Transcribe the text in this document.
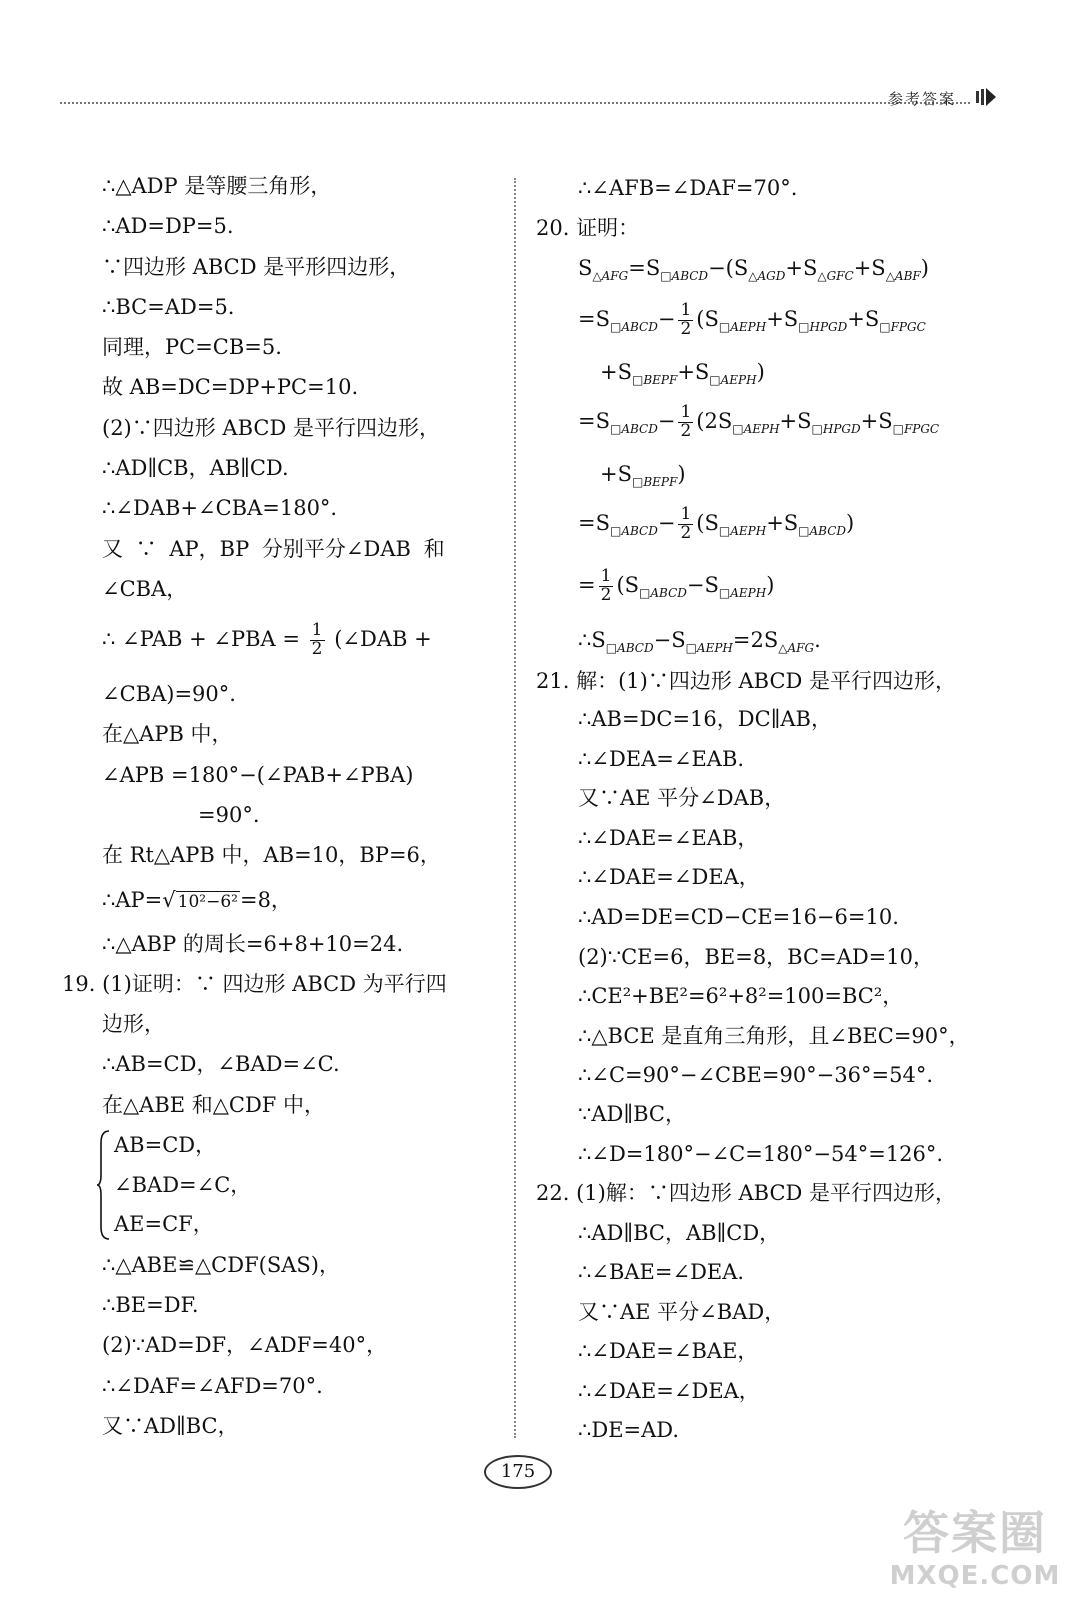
参考答案
∴△ADP 是等腰三角形，
∴AD=DP=5.
∵四边形 ABCD 是平形四边形，
∴BC=AD=5.
同理，PC=CB=5.
故 AB=DC=DP+PC=10.
(2)∵四边形 ABCD 是平行四边形，
∴AD∥CB，AB∥CD.
∴∠DAB+∠CBA=180°.
又 ∵ AP，BP 分别平分∠DAB 和
∠CBA，
∴ ∠PAB + ∠PBA = $\frac{1}{2}$ (∠DAB +
∠CBA)=90°.
在△APB 中，
∠APB =180°−(∠PAB+∠PBA)
=90°.
在 Rt△APB 中，AB=10，BP=6，
∴AP=√ 10²−6²=8，
∴△ABP 的周长=6+8+10=24.
19. (1)证明：∵ 四边形 ABCD 为平行四
边形，
∴AB=CD，∠BAD=∠C.
在△ABE 和△CDF 中，
AB=CD，
∠BAD=∠C，
AE=CF，
∴△ABE≌△CDF(SAS)，
∴BE=DF.
(2)∵AD=DF，∠ADF=40°，
∴∠DAF=∠AFD=70°.
又∵AD∥BC，
∴∠AFB=∠DAF=70°.
20. 证明：
$S_{\triangle AFG}=S_{□ABCD}-(S_{\triangle AGD}+S_{\triangle GFC}+S_{\triangle ABF})$
$=S_{□ABCD}- \frac{1}{2} (S_{□AEPH}+S_{□HPGD}+S_{□FPGC}$
$+S_{□BEPF}+S_{□AEPH}$)
$=S_{□ABCD}- \frac{1}{2} (2S_{□AEPH}+S_{□HPGD}+S_{□FPGC}$
$+S_{□BEPF}$)
$=S_{□ABCD}- \frac{1}{2} (S_{□AEPH}+S_{□ABCD})$
= $\frac{1}{2} (S_{□ABCD}-S_{□AEPH})$
$\therefore S_{□ABCD}-S_{□AEPH}=2S_{\triangle AFG}$.
21. 解：(1)∵四边形 ABCD 是平行四边形，
∴AB=DC=16，DC∥AB，
∴∠DEA=∠EAB.
又∵AE 平分∠DAB，
∴∠DAE=∠EAB，
∴∠DAE=∠DEA，
∴AD=DE=CD−CE=16−6=10.
(2)∵CE=6，BE=8，BC=AD=10，
∴CE²+BE²=6²+8²=100=BC²，
∴△BCE 是直角三角形，且∠BEC=90°，
∴∠C=90°−∠CBE=90°−36°=54°.
∵AD∥BC，
∴∠D=180°−∠C=180°−54°=126°.
22. (1)解：∵四边形 ABCD 是平行四边形，
∴AD∥BC，AB∥CD，
∴∠BAE=∠DEA.
又∵AE 平分∠BAD，
∴∠DAE=∠BAE，
∴∠DAE=∠DEA，
∴DE=AD.
175
答案圈
MXQE.COM
